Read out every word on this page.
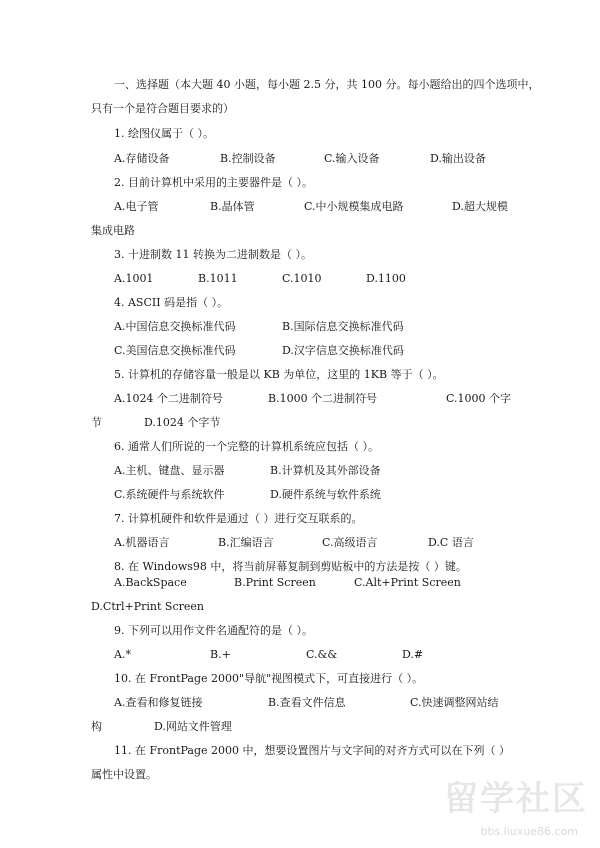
一、选择题（本大题 40 小题，每小题 2.5 分，共 100 分。每小题给出的四个选项中，
只有一个是符合题目要求的）
1. 绘图仪属于（ ）。
A.存储设备	B.控制设备	C.输入设备	D.输出设备
2. 目前计算机中采用的主要器件是（ ）。
A.电子管	B.晶体管	C.中小规模集成电路	D.超大规模
集成电路
3. 十进制数 11 转换为二进制数是（ ）。
A.1001	B.1011	C.1010	D.1100
4. ASCII 码是指（ ）。
A.中国信息交换标准代码	B.国际信息交换标准代码
C.美国信息交换标准代码	D.汉字信息交换标准代码
5. 计算机的存储容量一般是以 KB 为单位，这里的 1KB 等于（ ）。
A.1024 个二进制符号	B.1000 个二进制符号	C.1000 个字
节	D.1024 个字节
6. 通常人们所说的一个完整的计算机系统应包括（ ）。
A.主机、键盘、显示器	B.计算机及其外部设备
C.系统硬件与系统软件	D.硬件系统与软件系统
7. 计算机硬件和软件是通过（ ）进行交互联系的。
A.机器语言	B.汇编语言	C.高级语言	D.C 语言
8. 在 Windows98 中，将当前屏幕复制到剪贴板中的方法是按（ ）键。
A.BackSpace	B.Print Screen	C.Alt+Print Screen
D.Ctrl+Print Screen
9. 下列可以用作文件名通配符的是（ ）。
A.*	B.+	C.&&	D.#
10. 在 FrontPage 2000"导航"视图模式下，可直接进行（ ）。
A.查看和修复链接	B.查看文件信息	C.快速调整网站结
构	D.网站文件管理
11. 在 FrontPage 2000 中，想要设置图片与文字间的对齐方式可以在下列（ ）
属性中设置。
留学社区
bbs.liuxue86.com
